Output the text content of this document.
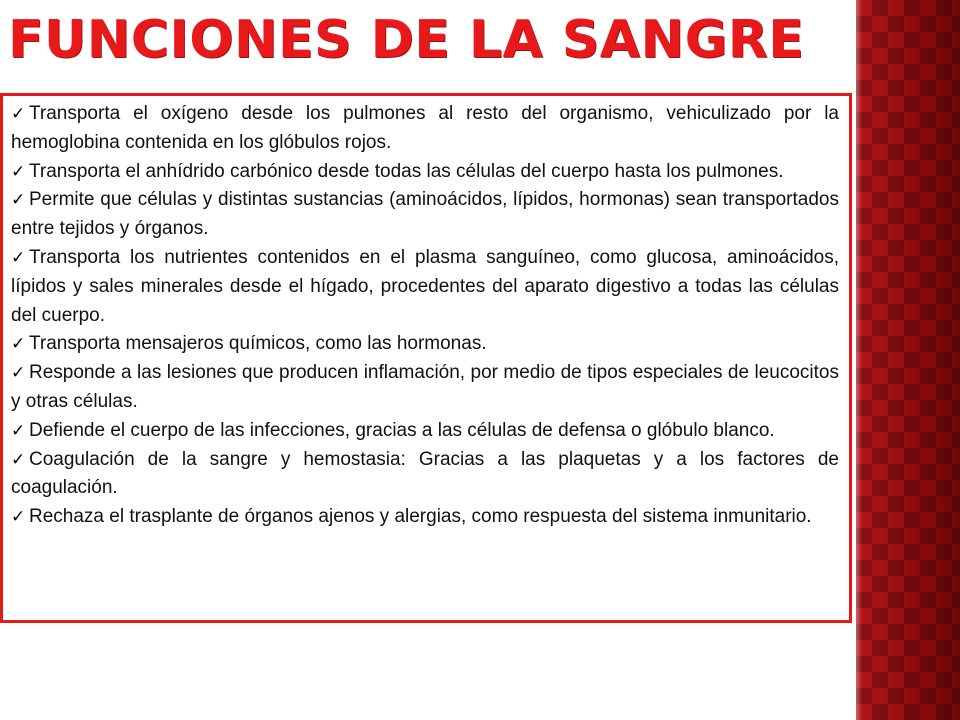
FUNCIONES DE LA SANGRE
✓ Transporta el oxígeno desde los pulmones al resto del organismo, vehiculizado por la hemoglobina contenida en los glóbulos rojos.
✓ Transporta el anhídrido carbónico desde todas las células del cuerpo hasta los pulmones.
✓ Permite que células y distintas sustancias (aminoácidos, lípidos, hormonas) sean transportados entre tejidos y órganos.
✓ Transporta los nutrientes contenidos en el plasma sanguíneo, como glucosa, aminoácidos, lípidos y sales minerales desde el hígado, procedentes del aparato digestivo a todas las células del cuerpo.
✓ Transporta mensajeros químicos, como las hormonas.
✓ Responde a las lesiones que producen inflamación, por medio de tipos especiales de leucocitos y otras células.
✓ Defiende el cuerpo de las infecciones, gracias a las células de defensa o glóbulo blanco.
✓ Coagulación de la sangre y hemostasia: Gracias a las plaquetas y a los factores de coagulación.
✓ Rechaza el trasplante de órganos ajenos y alergias, como respuesta del sistema inmunitario.
